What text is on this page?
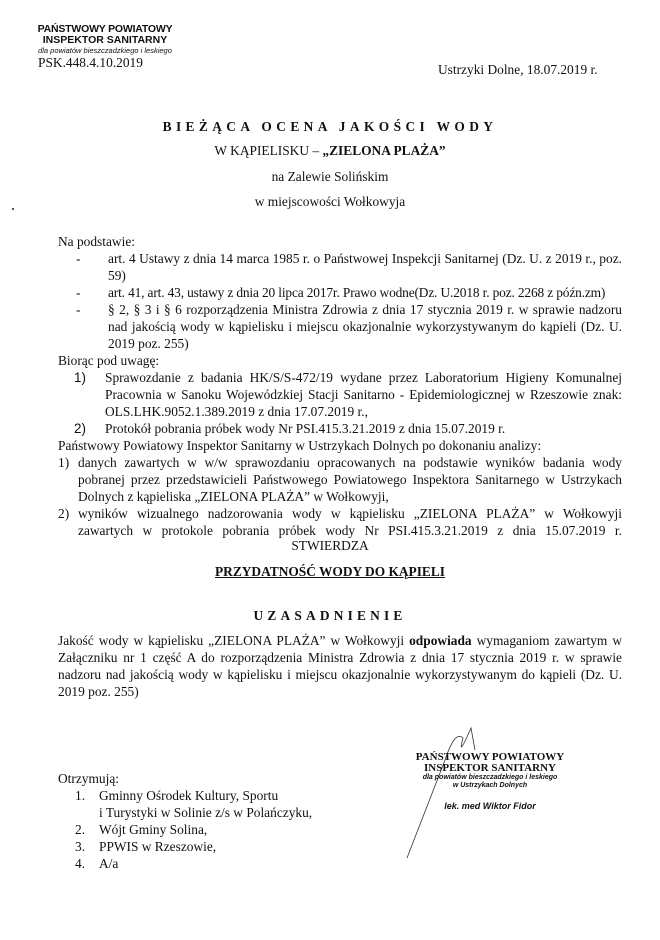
PAŃSTWOWY POWIATOWY
INSPEKTOR SANITARNY
dla powiatów bieszczadzkiego i leskiego
PSK.448.4.10.2019	Ustrzyki Dolne, 18.07.2019 r.
BIEŻĄCA OCENA JAKOŚCI WODY
W KĄPIELISKU – „ZIELONA PLAŻA”
na Zalewie Solińskim
w miejscowości Wołkowyja
Na podstawie:
- art. 4 Ustawy z dnia 14 marca 1985 r. o Państwowej Inspekcji Sanitarnej (Dz. U. z 2019 r., poz. 59)
- art. 41, art. 43, ustawy z dnia 20 lipca 2017r. Prawo wodne(Dz. U.2018 r. poz. 2268 z późn.zm)
- § 2, § 3 i § 6 rozporządzenia Ministra Zdrowia z dnia 17 stycznia 2019 r. w sprawie nadzoru nad jakością wody w kąpielisku i miejscu okazjonalnie wykorzystywanym do kąpieli (Dz. U. 2019 poz. 255)
Biorąc pod uwagę:
1) Sprawozdanie z badania HK/S/S-472/19 wydane przez Laboratorium Higieny Komunalnej Pracownia w Sanoku Wojewódzkiej Stacji Sanitarno - Epidemiologicznej w Rzeszowie znak: OLS.LHK.9052.1.389.2019 z dnia 17.07.2019 r.,
2) Protokół pobrania próbek wody Nr PSI.415.3.21.2019 z dnia 15.07.2019 r.
Państwowy Powiatowy Inspektor Sanitarny w Ustrzykach Dolnych po dokonaniu analizy:
1) danych zawartych w w/w sprawozdaniu opracowanych na podstawie wyników badania wody pobranej przez przedstawicieli Państwowego Powiatowego Inspektora Sanitarnego w Ustrzykach Dolnych z kąpieliska „ZIELONA PLAŻA” w Wołkowyji,
2) wyników wizualnego nadzorowania wody w kąpielisku „ZIELONA PLAŻA” w Wołkowyji zawartych w protokole pobrania próbek wody Nr PSI.415.3.21.2019 z dnia 15.07.2019 r.
STWIERDZA
PRZYDATNOŚĆ WODY DO KĄPIELI
UZASADNIENIE
Jakość wody w kąpielisku „ZIELONA PLAŻA” w Wołkowyji odpowiada wymaganiom zawartym w Załączniku nr 1 część A do rozporządzenia Ministra Zdrowia z dnia 17 stycznia 2019 r. w sprawie nadzoru nad jakością wody w kąpielisku i miejscu okazjonalnie wykorzystywanym do kąpieli (Dz. U. 2019 poz. 255)
PAŃSTWOWY POWIATOWY
INSPEKTOR SANITARNY
dla powiatów bieszczadzkiego i leskiego
w Ustrzykach Dolnych
lek. med Wiktor Fidor
Otrzymują:
1. Gminny Ośrodek Kultury, Sportu
i Turystyki w Solinie z/s w Polańczyku,
2. Wójt Gminy Solina,
3. PPWIS w Rzeszowie,
4. A/a
